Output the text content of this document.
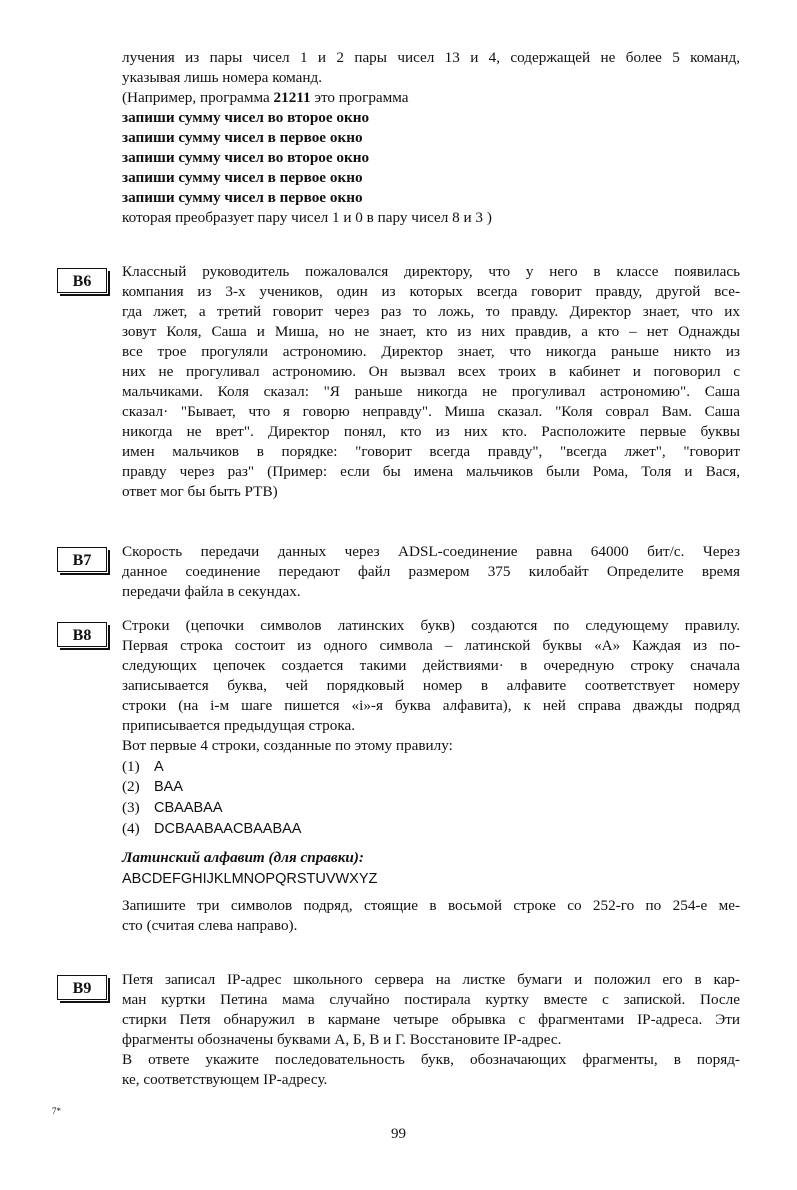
лучения из пары чисел 1 и 2 пары чисел 13 и 4, содержащей не более 5 команд,
указывая лишь номера команд.
(Например, программа 21211 это программа
запиши сумму чисел во второе окно
запиши сумму чисел в первое окно
запиши сумму чисел во второе окно
запиши сумму чисел в первое окно
запиши сумму чисел в первое окно
которая преобразует пару чисел 1 и 0 в пару чисел 8 и 3 )
B6
Классный руководитель пожаловался директору, что у него в классе появилась
компания из 3-х учеников, один из которых всегда говорит правду, другой все-
гда лжет, а третий говорит через раз то ложь, то правду. Директор знает, что их
зовут Коля, Саша и Миша, но не знает, кто из них правдив, а кто – нет Однажды
все трое прогуляли астрономию. Директор знает, что никогда раньше никто из
них не прогуливал астрономию. Он вызвал всех троих в кабинет и поговорил с
мальчиками. Коля сказал: "Я раньше никогда не прогуливал астрономию". Саша
сказал· "Бывает, что я говорю неправду". Миша сказал. "Коля соврал Вам. Саша
никогда не врет". Директор понял, кто из них кто. Расположите первые буквы
имен мальчиков в порядке: "говорит всегда правду", "всегда лжет", "говорит
правду через раз" (Пример: если бы имена мальчиков были Рома, Толя и Вася,
ответ мог бы быть РТВ)
B7
Скорость передачи данных через ADSL-соединение равна 64000 бит/с. Через
данное соединение передают файл размером 375 килобайт Определите время
передачи файла в секундах.
B8
Строки (цепочки символов латинских букв) создаются по следующему правилу.
Первая строка состоит из одного символа – латинской буквы «А» Каждая из по-
следующих цепочек создается такими действиями· в очередную строку сначала
записывается буква, чей порядковый номер в алфавите соответствует номеру
строки (на i-м шаге пишется «i»-я буква алфавита), к ней справа дважды подряд
приписывается предыдущая строка.
Вот первые 4 строки, созданные по этому правилу:
(1) A
(2) BAA
(3) CBAABAA
(4) DCBAABAACBAABAA
Латинский алфавит (для справки):
ABCDEFGHIJKLMNOPQRSTUVWXYZ
Запишите три символов подряд, стоящие в восьмой строке со 252-го по 254-е ме-
сто (считая слева направо).
B9
Петя записал IP-адрес школьного сервера на листке бумаги и положил его в кар-
ман куртки Петина мама случайно постирала куртку вместе с запиской. После
стирки Петя обнаружил в кармане четыре обрывка с фрагментами IP-адреса. Эти
фрагменты обозначены буквами А, Б, В и Г. Восстановите IP-адрес.
В ответе укажите последовательность букв, обозначающих фрагменты, в поряд-
ке, соответствующем IP-адресу.
7*
99
